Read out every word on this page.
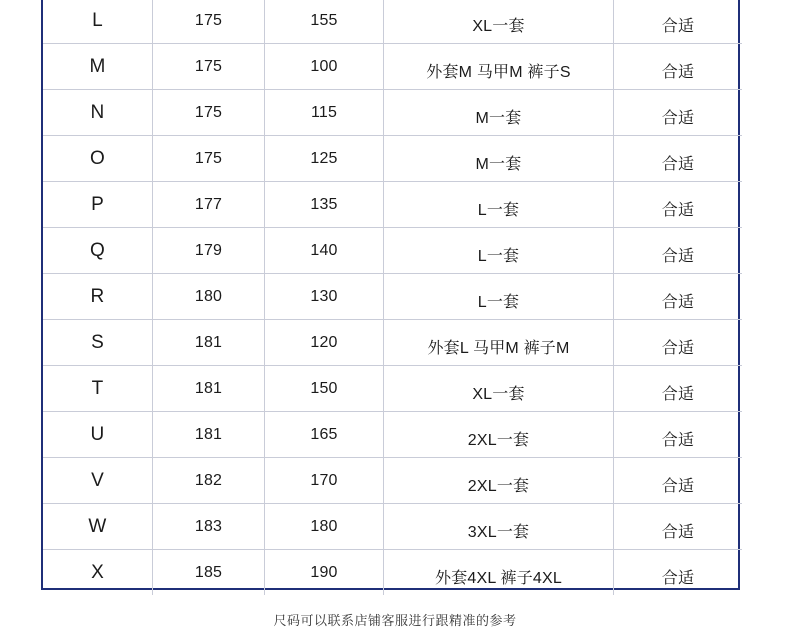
L	175	155	XL一套	合适
M	175	100	外套M 马甲M 裤子S	合适
N	175	115	M一套	合适
O	175	125	M一套	合适
P	177	135	L一套	合适
Q	179	140	L一套	合适
R	180	130	L一套	合适
S	181	120	外套L 马甲M 裤子M	合适
T	181	150	XL一套	合适
U	181	165	2XL一套	合适
V	182	170	2XL一套	合适
W	183	180	3XL一套	合适
X	185	190	外套4XL 裤子4XL	合适
尺码可以联系店铺客服进行跟精准的参考
